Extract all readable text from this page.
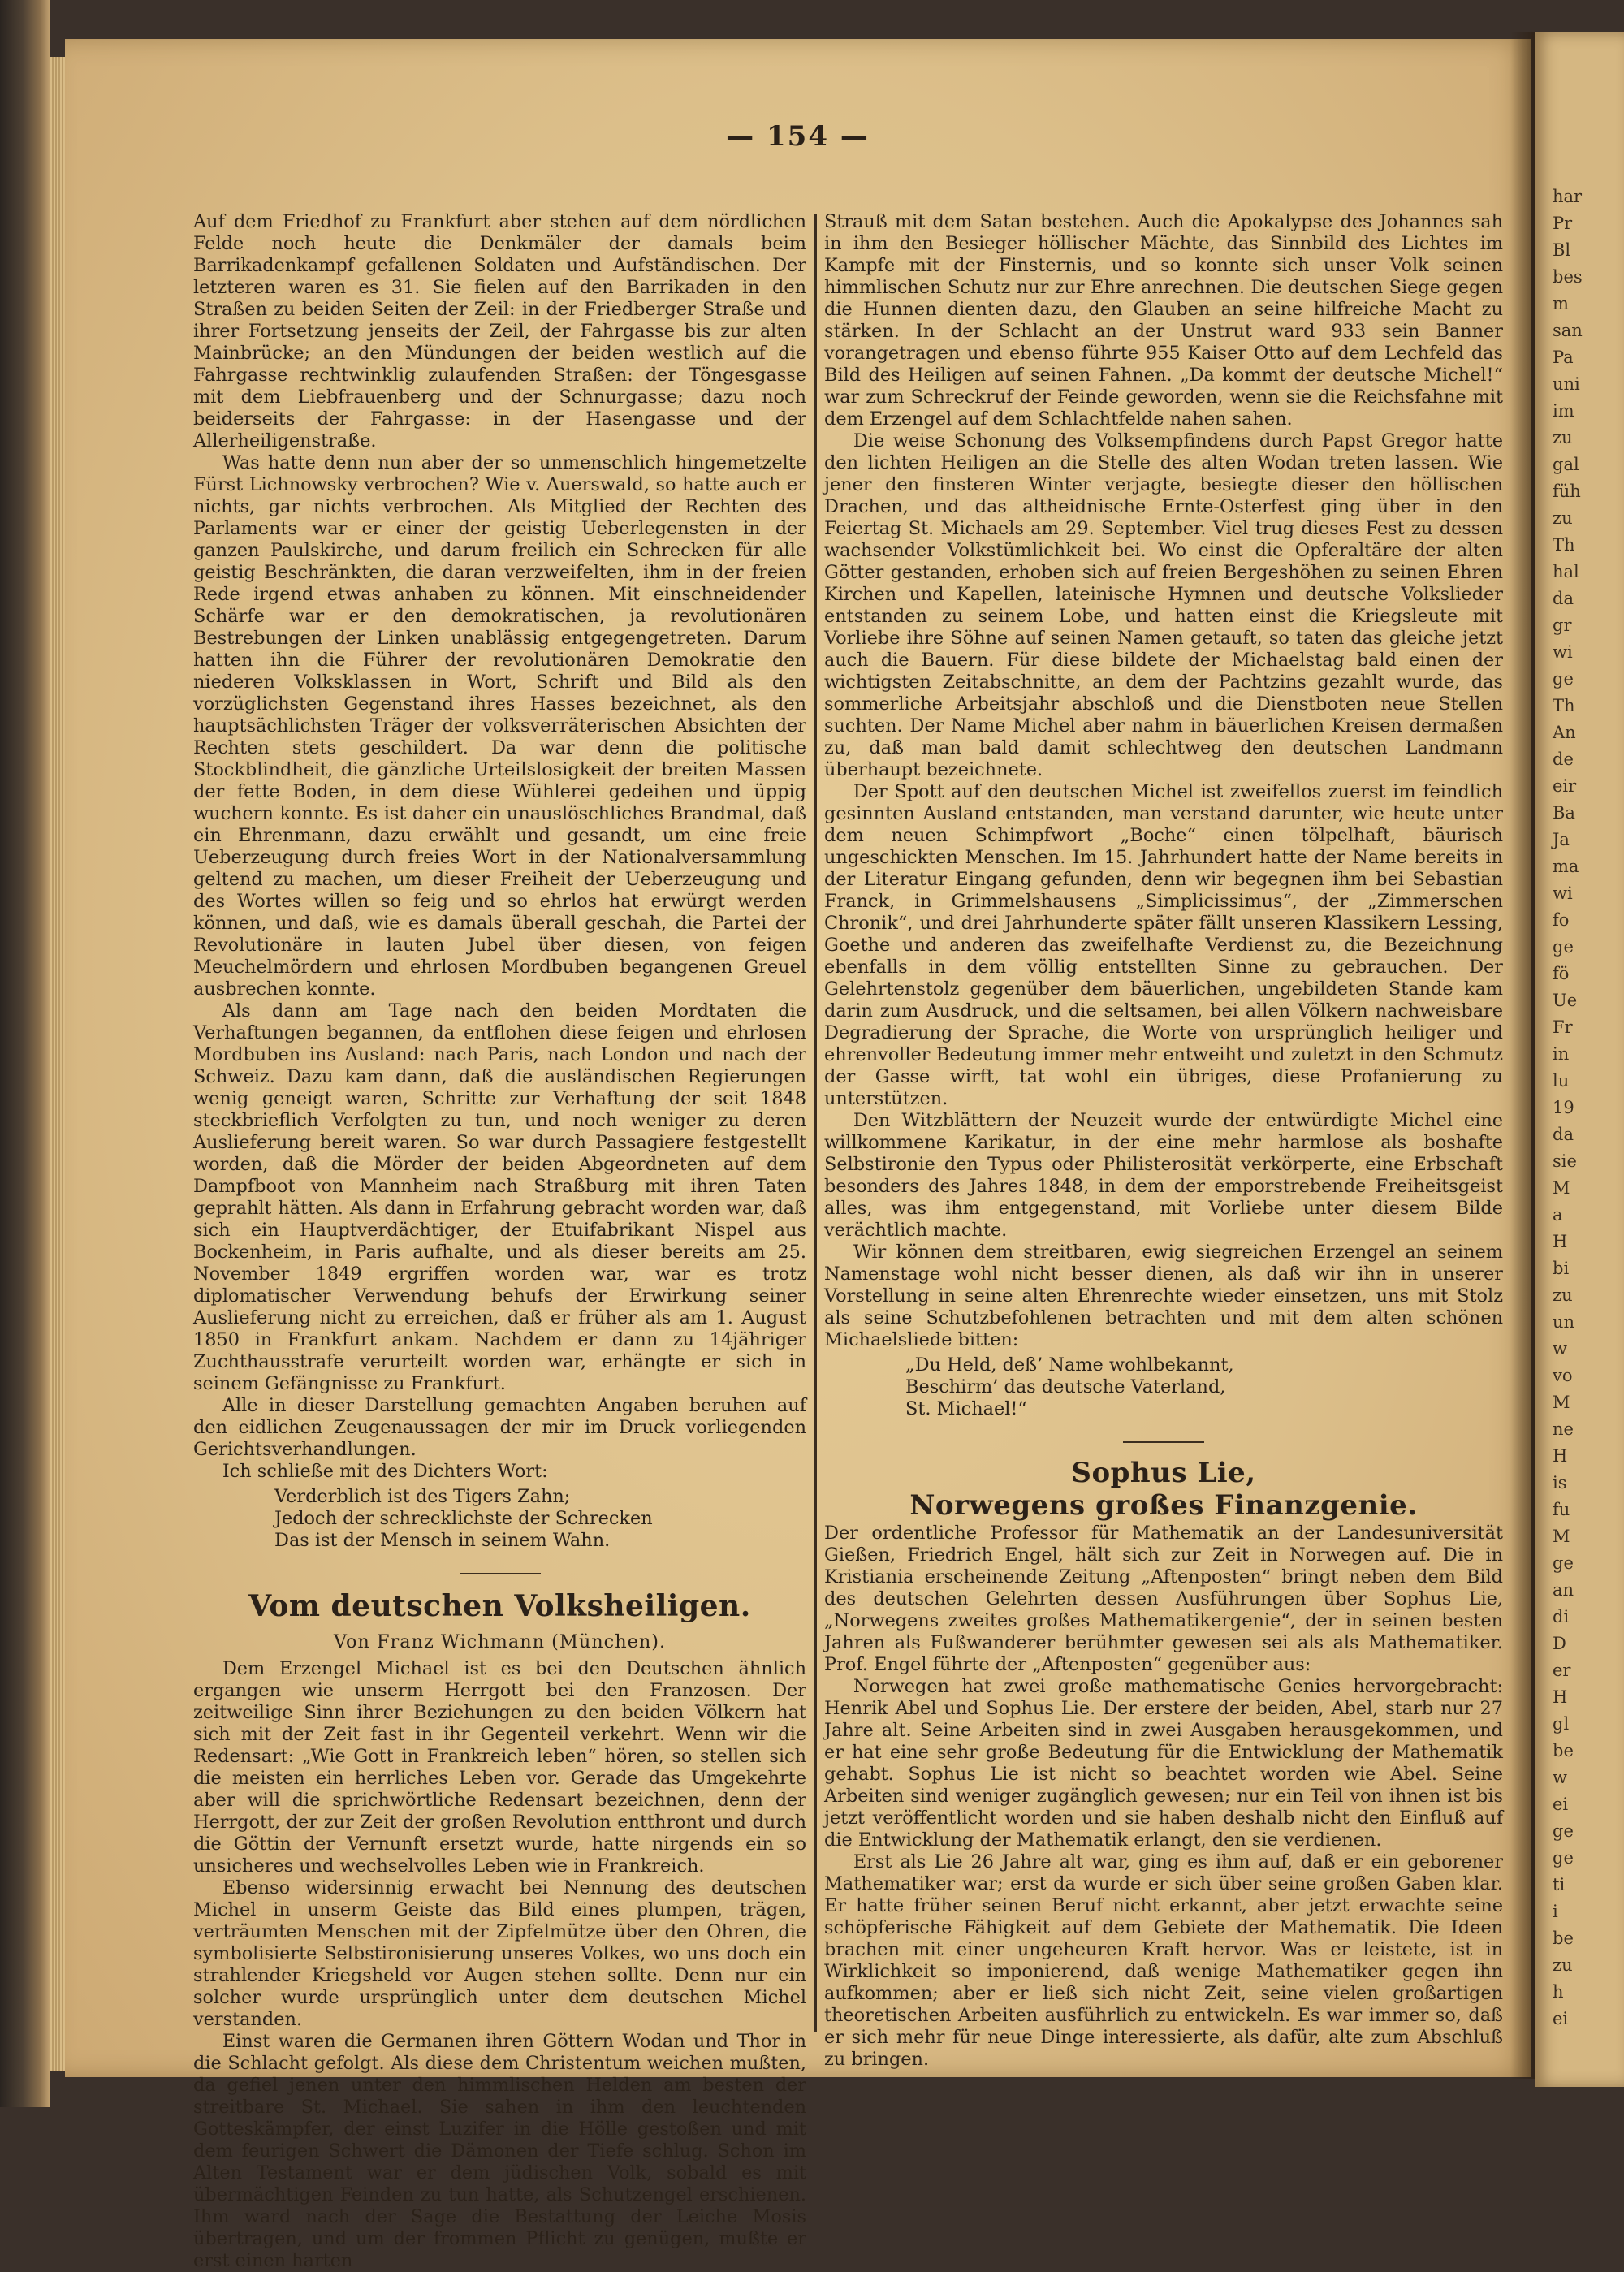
— 154 —

Auf dem Friedhof zu Frankfurt aber stehen auf dem nördlichen Felde noch heute die Denkmäler der damals beim Barrikadenkampf gefallenen Soldaten und Aufständischen. Der letzteren waren es 31. Sie fielen auf den Barrikaden in den Straßen zu beiden Seiten der Zeil: in der Friedberger Straße und ihrer Fortsetzung jenseits der Zeil, der Fahrgasse bis zur alten Mainbrücke; an den Mündungen der beiden westlich auf die Fahrgasse rechtwinklig zulaufenden Straßen: der Töngesgasse mit dem Liebfrauenberg und der Schnurgasse; dazu noch beiderseits der Fahrgasse: in der Hasengasse und der Allerheiligenstraße.

Was hatte denn nun aber der so unmenschlich hingemetzelte Fürst Lichnowsky verbrochen? Wie v. Auerswald, so hatte auch er nichts, gar nichts verbrochen. Als Mitglied der Rechten des Parlaments war er einer der geistig Ueberlegensten in der ganzen Paulskirche, und darum freilich ein Schrecken für alle geistig Beschränkten, die daran verzweifelten, ihm in der freien Rede irgend etwas anhaben zu können. Mit einschneidender Schärfe war er den demokratischen, ja revolutionären Bestrebungen der Linken unablässig entgegengetreten. Darum hatten ihn die Führer der revolutionären Demokratie den niederen Volksklassen in Wort, Schrift und Bild als den vorzüglichsten Gegenstand ihres Hasses bezeichnet, als den hauptsächlichsten Träger der volksverräterischen Absichten der Rechten stets geschildert. Da war denn die politische Stockblindheit, die gänzliche Urteilslosigkeit der breiten Massen der fette Boden, in dem diese Wühlerei gedeihen und üppig wuchern konnte. Es ist daher ein unauslöschliches Brandmal, daß ein Ehrenmann, dazu erwählt und gesandt, um eine freie Ueberzeugung durch freies Wort in der Nationalversammlung geltend zu machen, um dieser Freiheit der Ueberzeugung und des Wortes willen so feig und so ehrlos hat erwürgt werden können, und daß, wie es damals überall geschah, die Partei der Revolutionäre in lauten Jubel über diesen, von feigen Meuchelmördern und ehrlosen Mordbuben begangenen Greuel ausbrechen konnte.

Als dann am Tage nach den beiden Mordtaten die Verhaftungen begannen, da entflohen diese feigen und ehrlosen Mordbuben ins Ausland: nach Paris, nach London und nach der Schweiz. Dazu kam dann, daß die ausländischen Regierungen wenig geneigt waren, Schritte zur Verhaftung der seit 1848 steckbrieflich Verfolgten zu tun, und noch weniger zu deren Auslieferung bereit waren. So war durch Passagiere festgestellt worden, daß die Mörder der beiden Abgeordneten auf dem Dampfboot von Mannheim nach Straßburg mit ihren Taten geprahlt hätten. Als dann in Erfahrung gebracht worden war, daß sich ein Hauptverdächtiger, der Etuifabrikant Nispel aus Bockenheim, in Paris aufhalte, und als dieser bereits am 25. November 1849 ergriffen worden war, war es trotz diplomatischer Verwendung behufs der Erwirkung seiner Auslieferung nicht zu erreichen, daß er früher als am 1. August 1850 in Frankfurt ankam. Nachdem er dann zu 14jähriger Zuchthausstrafe verurteilt worden war, erhängte er sich in seinem Gefängnisse zu Frankfurt.

Alle in dieser Darstellung gemachten Angaben beruhen auf den eidlichen Zeugenaussagen der mir im Druck vorliegenden Gerichtsverhandlungen.

Ich schließe mit des Dichters Wort:

Verderblich ist des Tigers Zahn;
Jedoch der schrecklichste der Schrecken
Das ist der Mensch in seinem Wahn.
Vom deutschen Volksheiligen.
Von Franz Wichmann (München).

Dem Erzengel Michael ist es bei den Deutschen ähnlich ergangen wie unserm Herrgott bei den Franzosen. Der zeitweilige Sinn ihrer Beziehungen zu den beiden Völkern hat sich mit der Zeit fast in ihr Gegenteil verkehrt. Wenn wir die Redensart: „Wie Gott in Frankreich leben“ hören, so stellen sich die meisten ein herrliches Leben vor. Gerade das Umgekehrte aber will die sprichwörtliche Redensart bezeichnen, denn der Herrgott, der zur Zeit der großen Revolution entthront und durch die Göttin der Vernunft ersetzt wurde, hatte nirgends ein so unsicheres und wechselvolles Leben wie in Frankreich.

Ebenso widersinnig erwacht bei Nennung des deutschen Michel in unserm Geiste das Bild eines plumpen, trägen, verträumten Menschen mit der Zipfelmütze über den Ohren, die symbolisierte Selbstironisierung unseres Volkes, wo uns doch ein strahlender Kriegsheld vor Augen stehen sollte. Denn nur ein solcher wurde ursprünglich unter dem deutschen Michel verstanden.

Einst waren die Germanen ihren Göttern Wodan und Thor in die Schlacht gefolgt. Als diese dem Christentum weichen mußten, da gefiel jenen unter den himmlischen Helden am besten der streitbare St. Michael. Sie sahen in ihm den leuchtenden Gotteskämpfer, der einst Luzifer in die Hölle gestoßen und mit dem feurigen Schwert die Dämonen der Tiefe schlug. Schon im Alten Testament war er dem jüdischen Volk, sobald es mit übermächtigen Feinden zu tun hatte, als Schutzengel erschienen. Ihm ward nach der Sage die Bestattung der Leiche Mosis übertragen, und um der frommen Pflicht zu genügen, mußte er erst einen harten

Strauß mit dem Satan bestehen. Auch die Apokalypse des Johannes sah in ihm den Besieger höllischer Mächte, das Sinnbild des Lichtes im Kampfe mit der Finsternis, und so konnte sich unser Volk seinen himmlischen Schutz nur zur Ehre anrechnen. Die deutschen Siege gegen die Hunnen dienten dazu, den Glauben an seine hilfreiche Macht zu stärken. In der Schlacht an der Unstrut ward 933 sein Banner vorangetragen und ebenso führte 955 Kaiser Otto auf dem Lechfeld das Bild des Heiligen auf seinen Fahnen. „Da kommt der deutsche Michel!“ war zum Schreckruf der Feinde geworden, wenn sie die Reichsfahne mit dem Erzengel auf dem Schlachtfelde nahen sahen.

Die weise Schonung des Volksempfindens durch Papst Gregor hatte den lichten Heiligen an die Stelle des alten Wodan treten lassen. Wie jener den finsteren Winter verjagte, besiegte dieser den höllischen Drachen, und das altheidnische Ernte-Osterfest ging über in den Feiertag St. Michaels am 29. September. Viel trug dieses Fest zu dessen wachsender Volkstümlichkeit bei. Wo einst die Opferaltäre der alten Götter gestanden, erhoben sich auf freien Bergeshöhen zu seinen Ehren Kirchen und Kapellen, lateinische Hymnen und deutsche Volkslieder entstanden zu seinem Lobe, und hatten einst die Kriegsleute mit Vorliebe ihre Söhne auf seinen Namen getauft, so taten das gleiche jetzt auch die Bauern. Für diese bildete der Michaelstag bald einen der wichtigsten Zeitabschnitte, an dem der Pachtzins gezahlt wurde, das sommerliche Arbeitsjahr abschloß und die Dienstboten neue Stellen suchten. Der Name Michel aber nahm in bäuerlichen Kreisen dermaßen zu, daß man bald damit schlechtweg den deutschen Landmann überhaupt bezeichnete.

Der Spott auf den deutschen Michel ist zweifellos zuerst im feindlich gesinnten Ausland entstanden, man verstand darunter, wie heute unter dem neuen Schimpfwort „Boche“ einen tölpelhaft, bäurisch ungeschickten Menschen. Im 15. Jahrhundert hatte der Name bereits in der Literatur Eingang gefunden, denn wir begegnen ihm bei Sebastian Franck, in Grimmelshausens „Simplicissimus“, der „Zimmerschen Chronik“, und drei Jahrhunderte später fällt unseren Klassikern Lessing, Goethe und anderen das zweifelhafte Verdienst zu, die Bezeichnung ebenfalls in dem völlig entstellten Sinne zu gebrauchen. Der Gelehrtenstolz gegenüber dem bäuerlichen, ungebildeten Stande kam darin zum Ausdruck, und die seltsamen, bei allen Völkern nachweisbare Degradierung der Sprache, die Worte von ursprünglich heiliger und ehrenvoller Bedeutung immer mehr entweiht und zuletzt in den Schmutz der Gasse wirft, tat wohl ein übriges, diese Profanierung zu unterstützen.

Den Witzblättern der Neuzeit wurde der entwürdigte Michel eine willkommene Karikatur, in der eine mehr harmlose als boshafte Selbstironie den Typus oder Philisterosität verkörperte, eine Erbschaft besonders des Jahres 1848, in dem der emporstrebende Freiheitsgeist alles, was ihm entgegenstand, mit Vorliebe unter diesem Bilde verächtlich machte.

Wir können dem streitbaren, ewig siegreichen Erzengel an seinem Namenstage wohl nicht besser dienen, als daß wir ihn in unserer Vorstellung in seine alten Ehrenrechte wieder einsetzen, uns mit Stolz als seine Schutzbefohlenen betrachten und mit dem alten schönen Michaelsliede bitten:

„Du Held, deß’ Name wohlbekannt,
Beschirm’ das deutsche Vaterland,
St. Michael!“
Sophus Lie,
Norwegens großes Finanzgenie.

Der ordentliche Professor für Mathematik an der Landesuniversität Gießen, Friedrich Engel, hält sich zur Zeit in Norwegen auf. Die in Kristiania erscheinende Zeitung „Aftenposten“ bringt neben dem Bild des deutschen Gelehrten dessen Ausführungen über Sophus Lie, „Norwegens zweites großes Mathematikergenie“, der in seinen besten Jahren als Fußwanderer berühmter gewesen sei als als Mathematiker. Prof. Engel führte der „Aftenposten“ gegenüber aus:

Norwegen hat zwei große mathematische Genies hervorgebracht: Henrik Abel und Sophus Lie. Der erstere der beiden, Abel, starb nur 27 Jahre alt. Seine Arbeiten sind in zwei Ausgaben herausgekommen, und er hat eine sehr große Bedeutung für die Entwicklung der Mathematik gehabt. Sophus Lie ist nicht so beachtet worden wie Abel. Seine Arbeiten sind weniger zugänglich gewesen; nur ein Teil von ihnen ist bis jetzt veröffentlicht worden und sie haben deshalb nicht den Einfluß auf die Entwicklung der Mathematik erlangt, den sie verdienen.

Erst als Lie 26 Jahre alt war, ging es ihm auf, daß er ein geborener Mathematiker war; erst da wurde er sich über seine großen Gaben klar. Er hatte früher seinen Beruf nicht erkannt, aber jetzt erwachte seine schöpferische Fähigkeit auf dem Gebiete der Mathematik. Die Ideen brachen mit einer ungeheuren Kraft hervor. Was er leistete, ist in Wirklichkeit so imponierend, daß wenige Mathematiker gegen ihn aufkommen; aber er ließ sich nicht Zeit, seine vielen großartigen theoretischen Arbeiten ausführlich zu entwickeln. Es war immer so, daß er sich mehr für neue Dinge interessierte, als dafür, alte zum Abschluß zu bringen.

har
Pr
Bl
bes
m
san
Pa
uni
im
zu
gal
füh
zu
Th
hal
da
gr
wi
ge
Th
An
de
eir
Ba
Ja
ma
wi
fo
ge
fö
Ue
Fr
in
lu
19
da
sie
M
a
H
bi
zu
un
w
vo
M
ne
H
is
fu
M
ge
an
di
D
er
H
gl
be
w
ei
ge
ge
ti
i
be
zu
h
ei
